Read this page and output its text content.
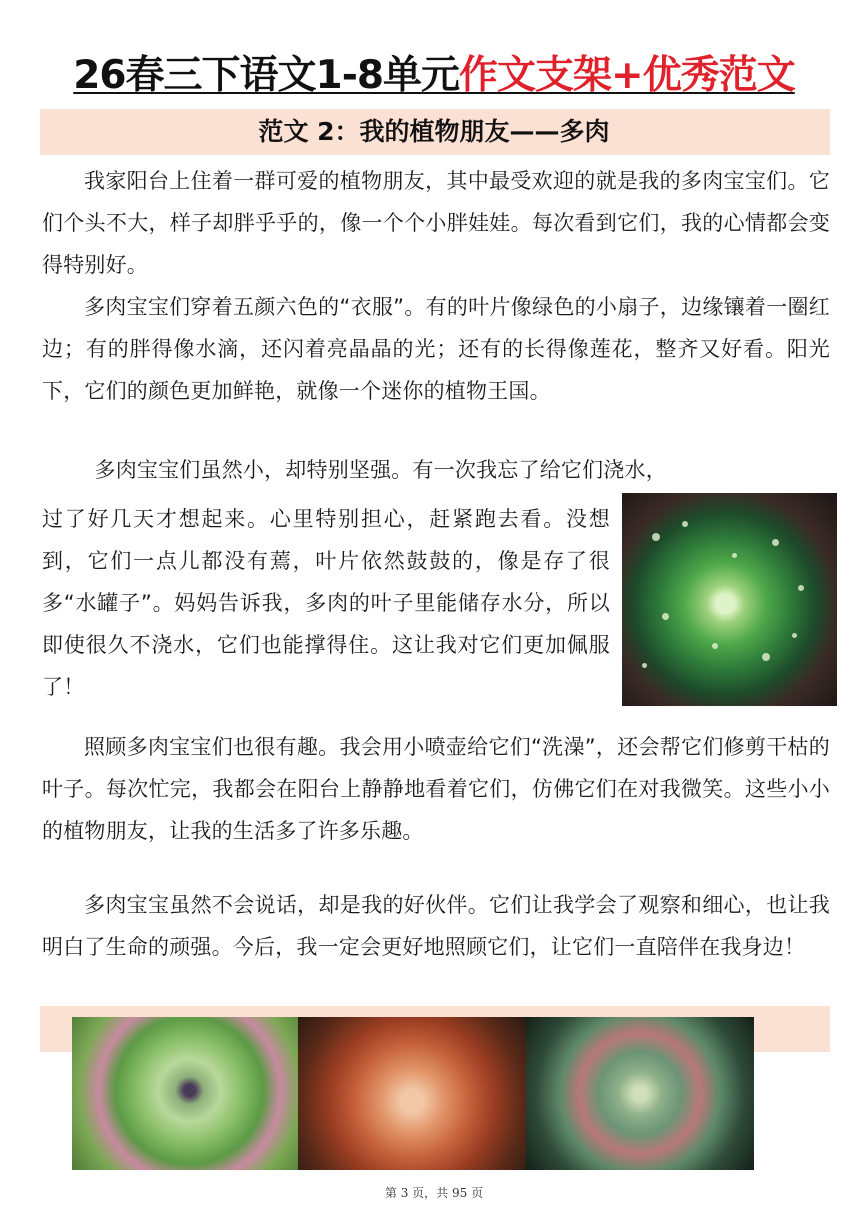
26春三下语文1-8单元作文支架+优秀范文
范文 2：我的植物朋友——多肉

我家阳台上住着一群可爱的植物朋友，其中最受欢迎的就是我的多肉宝宝们。它们个头不大，样子却胖乎乎的，像一个个小胖娃娃。每次看到它们，我的心情都会变得特别好。

多肉宝宝们穿着五颜六色的“衣服”。有的叶片像绿色的小扇子，边缘镶着一圈红边；有的胖得像水滴，还闪着亮晶晶的光；还有的长得像莲花，整齐又好看。阳光下，它们的颜色更加鲜艳，就像一个迷你的植物王国。

多肉宝宝们虽然小，却特别坚强。有一次我忘了给它们浇水，

过了好几天才想起来。心里特别担心，赶紧跑去看。没想到，它们一点儿都没有蔫，叶片依然鼓鼓的，像是存了很多“水罐子”。妈妈告诉我，多肉的叶子里能储存水分，所以即使很久不浇水，它们也能撑得住。这让我对它们更加佩服了！

照顾多肉宝宝们也很有趣。我会用小喷壶给它们“洗澡”，还会帮它们修剪干枯的叶子。每次忙完，我都会在阳台上静静地看着它们，仿佛它们在对我微笑。这些小小的植物朋友，让我的生活多了许多乐趣。

多肉宝宝虽然不会说话，却是我的好伙伴。它们让我学会了观察和细心，也让我明白了生命的顽强。今后，我一定会更好地照顾它们，让它们一直陪伴在我身边！

第 3 页，共 95 页
